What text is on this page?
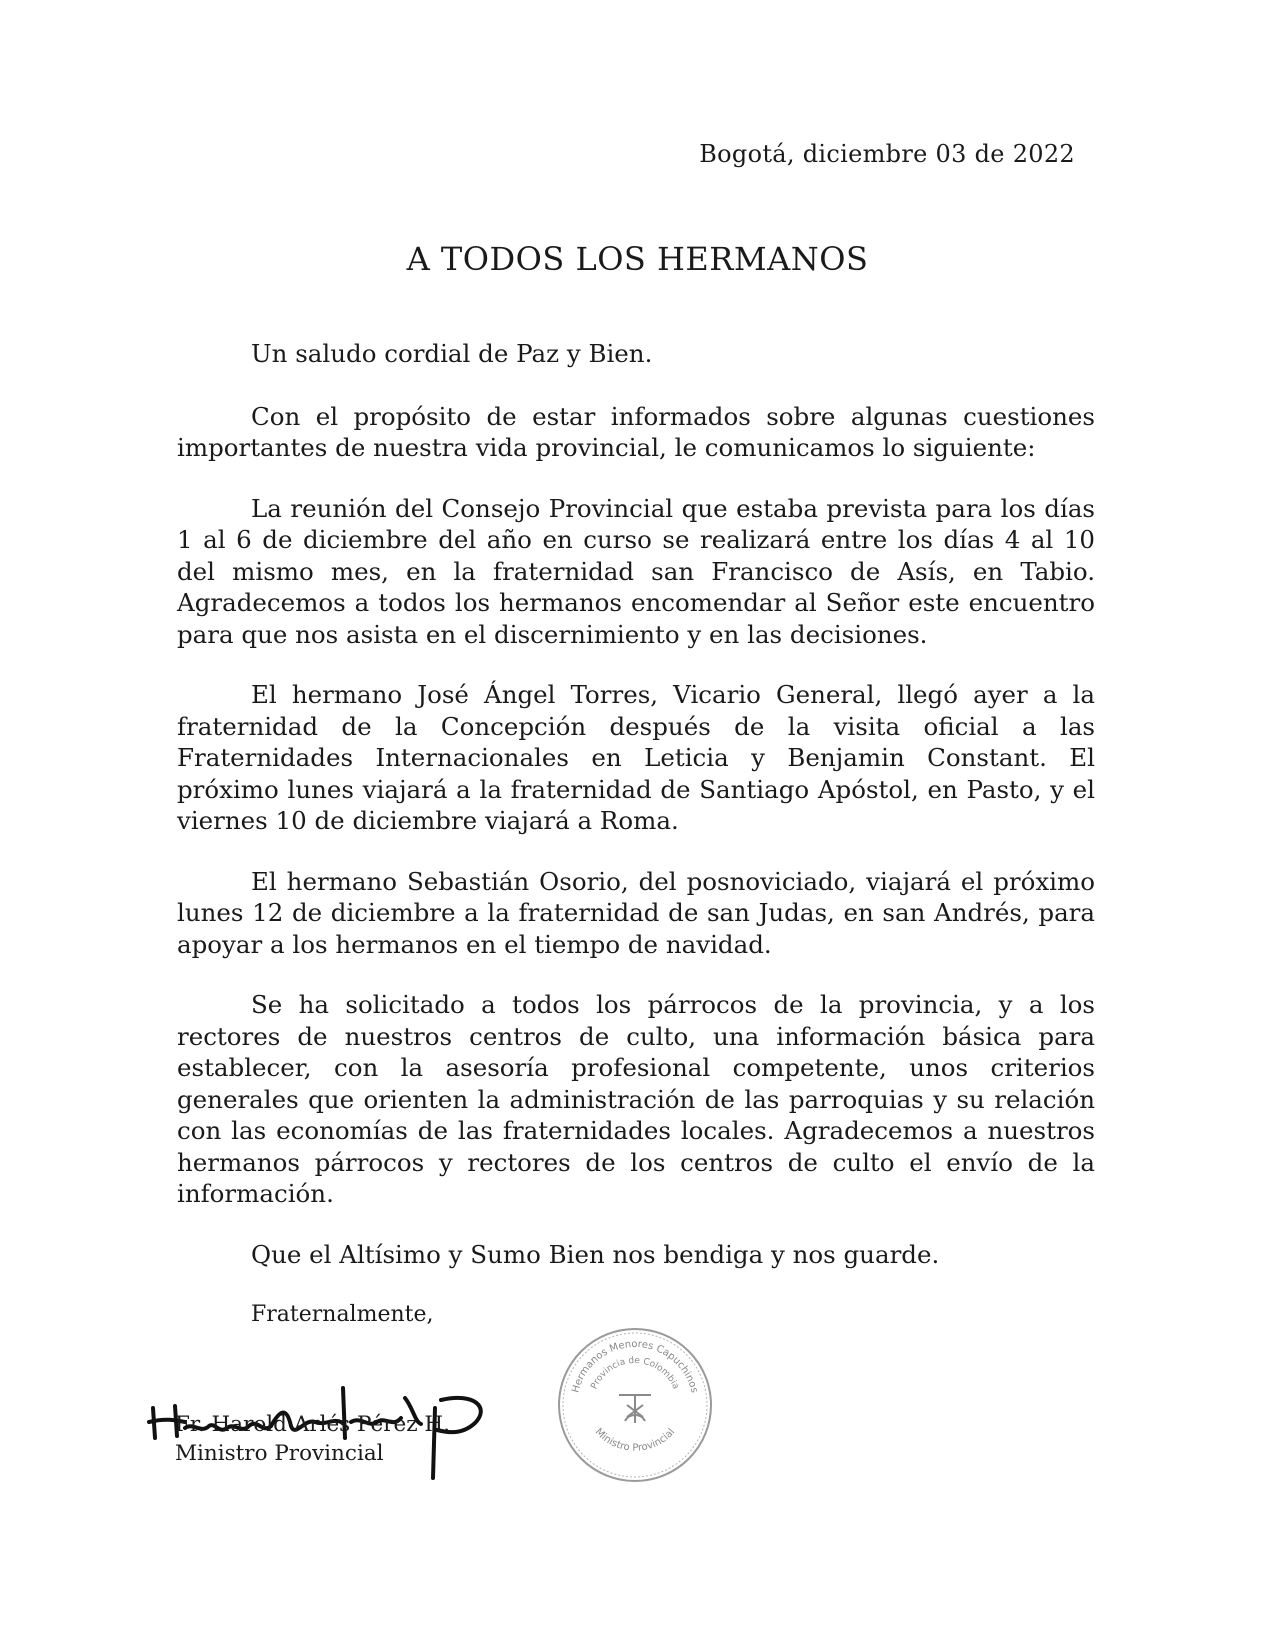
Bogotá, diciembre 03 de 2022
A TODOS LOS HERMANOS

Un saludo cordial de Paz y Bien.

Con el propósito de estar informados sobre algunas cuestiones importantes de nuestra vida provincial, le comunicamos lo siguiente:

La reunión del Consejo Provincial que estaba prevista para los días 1 al 6 de diciembre del año en curso se realizará entre los días 4 al 10 del mismo mes, en la fraternidad san Francisco de Asís, en Tabio. Agradecemos a todos los hermanos encomendar al Señor este encuentro para que nos asista en el discernimiento y en las decisiones.

El hermano José Ángel Torres, Vicario General, llegó ayer a la fraternidad de la Concepción después de la visita oficial a las Fraternidades Internacionales en Leticia y Benjamin Constant. El próximo lunes viajará a la fraternidad de Santiago Apóstol, en Pasto, y el viernes 10 de diciembre viajará a Roma.

El hermano Sebastián Osorio, del posnoviciado, viajará el próximo lunes 12 de diciembre a la fraternidad de san Judas, en san Andrés, para apoyar a los hermanos en el tiempo de navidad.

Se ha solicitado a todos los párrocos de la provincia, y a los rectores de nuestros centros de culto, una información básica para establecer, con la asesoría profesional competente, unos criterios generales que orienten la administración de las parroquias y su relación con las economías de las fraternidades locales. Agradecemos a nuestros hermanos párrocos y rectores de los centros de culto el envío de la información.

Que el Altísimo y Sumo Bien nos bendiga y nos guarde.

Fraternalmente,
Fr. Harold Arlés Pérez H.
Ministro Provincial
Hermanos Menores Capuchinos
Provincia de Colombia
Ministro Provincial
